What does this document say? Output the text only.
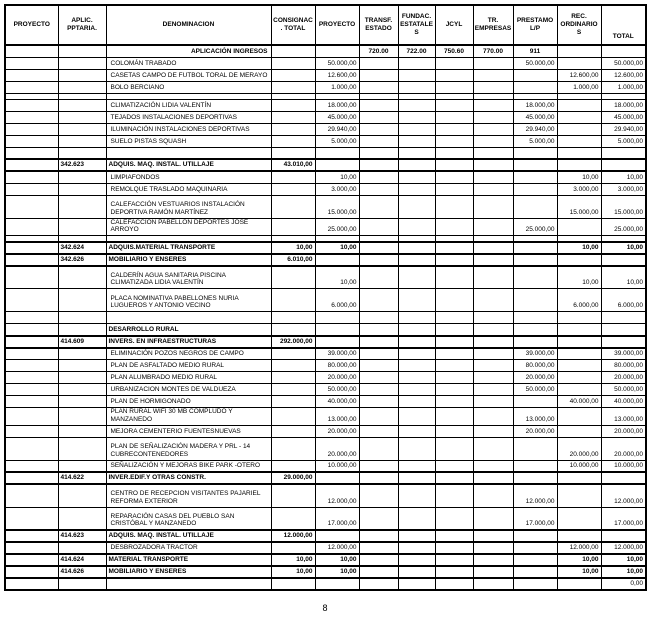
PROYECTO	APLIC. PPTARIA.	DENOMINACION	CONSIGNAC. TOTAL	PROYECTO	TRANSF. ESTADO	FUNDAC. ESTATALES	JCYL	TR. EMPRESAS	PRESTAMO L/P	REC. ORDINARIOS	TOTAL
		APLICACIÓN INGRESOS			720.00	722.00	750.60	770.00	911		
		COLOMÁN TRABADO		50.000,00					50.000,00		50.000,00
		CASETAS CAMPO DE FUTBOL TORAL DE MERAYO		12.600,00						12.600,00	12.600,00
		BOLO BERCIANO		1.000,00						1.000,00	1.000,00

		CLIMATIZACIÓN LIDIA VALENTÍN		18.000,00					18.000,00		18.000,00
		TEJADOS INSTALACIONES DEPORTIVAS		45.000,00					45.000,00		45.000,00
		ILUMINACIÓN INSTALACIONES DEPORTIVAS		29.940,00					29.940,00		29.940,00
		SUELO PISTAS SQUASH		5.000,00					5.000,00		5.000,00

	342.623	ADQUIS. MAQ. INSTAL. UTILLAJE	43.010,00								
		LIMPIAFONDOS		10,00						10,00	10,00
		REMOLQUE TRASLADO MAQUINARIA		3.000,00						3.000,00	3.000,00
		CALEFACCIÓN VESTUARIOS INSTALACIÓN DEPORTIVA RAMÓN MARTÍNEZ		15.000,00						15.000,00	15.000,00
		CALEFACCIÓN PABELLÓN DEPORTES JOSÉ ARROYO		25.000,00					25.000,00		25.000,00

	342.624	ADQUIS.MATERIAL TRANSPORTE	10,00	10,00						10,00	10,00
	342.626	MOBILIARIO Y ENSERES	6.010,00								
		CALDERÍN AGUA SANITARIA PISCINA CLIMATIZADA LIDIA VALENTÍN		10,00						10,00	10,00
		PLACA NOMINATIVA PABELLONES NURIA LUGUEROS Y ANTONIO VECINO		6.000,00						6.000,00	6.000,00

		DESARROLLO RURAL									
	414.609	INVERS. EN INFRAESTRUCTURAS	292.000,00								
		ELIMINACIÓN POZOS NEGROS DE CAMPO		39.000,00					39.000,00		39.000,00
		PLAN DE ASFALTADO MEDIO RURAL		80.000,00					80.000,00		80.000,00
		PLAN ALUMBRADO MEDIO RURAL		20.000,00					20.000,00		20.000,00
		URBANIZACION MONTES DE VALDUEZA		50.000,00					50.000,00		50.000,00
		PLAN DE HORMIGONADO		40.000,00						40.000,00	40.000,00
		PLAN RURAL WIFI 30 MB COMPLUDO Y MANZANEDO		13.000,00					13.000,00		13.000,00
		MEJORA CEMENTERIO FUENTESNUEVAS		20.000,00					20.000,00		20.000,00
		PLAN DE SEÑALIZACIÓN MADERA Y PRL - 14 CUBRECONTENEDORES		20.000,00						20.000,00	20.000,00
		SEÑALIZACIÓN Y MEJORAS BIKE PARK -OTERO		10.000,00						10.000,00	10.000,00
	414.622	INVER.EDIF.Y OTRAS CONSTR.	29.000,00								
		CENTRO DE RECEPCION VISITANTES PAJARIEL REFORMA EXTERIOR		12.000,00					12.000,00		12.000,00
		REPARACIÓN CASAS DEL PUEBLO SAN CRISTÓBAL Y MANZANEDO		17.000,00					17.000,00		17.000,00
	414.623	ADQUIS. MAQ. INSTAL. UTILLAJE	12.000,00								
		DESBROZADORA TRACTOR		12.000,00						12.000,00	12.000,00
	414.624	MATERIAL TRANSPORTE	10,00	10,00						10,00	10,00
	414.626	MOBILIARIO Y ENSERES	10,00	10,00						10,00	10,00
											0,00
8
